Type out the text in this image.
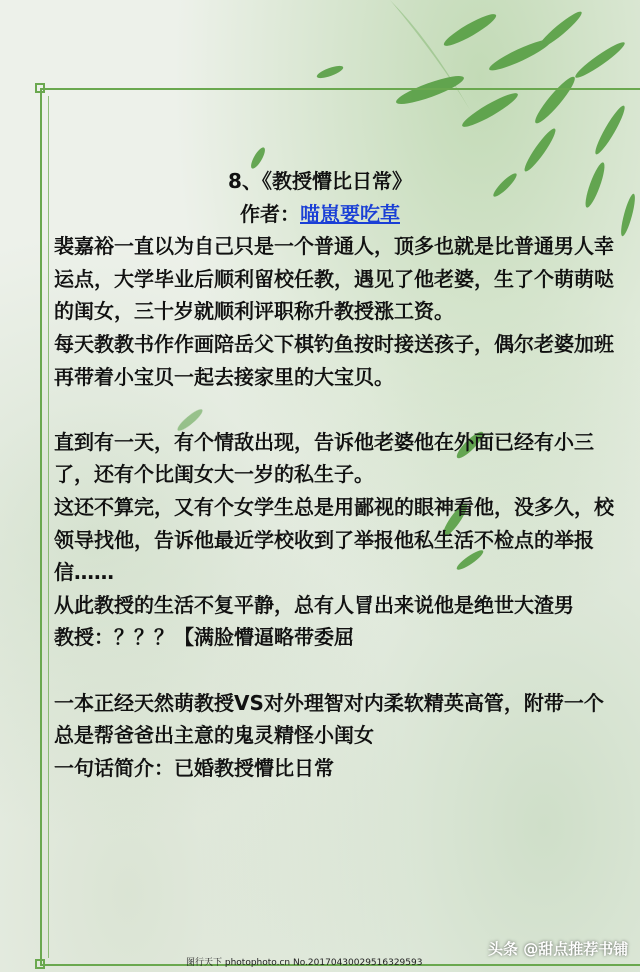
8、《教授懵比日常》
作者：喵崽要吃草

裴嘉裕一直以为自己只是一个普通人，顶多也就是比普通男人幸运点，大学毕业后顺利留校任教，遇见了他老婆，生了个萌萌哒的闺女，三十岁就顺利评职称升教授涨工资。

每天教教书作作画陪岳父下棋钓鱼按时接送孩子，偶尔老婆加班再带着小宝贝一起去接家里的大宝贝。

直到有一天，有个情敌出现，告诉他老婆他在外面已经有小三了，还有个比闺女大一岁的私生子。

这还不算完，又有个女学生总是用鄙视的眼神看他，没多久，校领导找他，告诉他最近学校收到了举报他私生活不检点的举报信……

从此教授的生活不复平静，总有人冒出来说他是绝世大渣男

教授：？？？【满脸懵逼略带委屈

一本正经天然萌教授VS对外理智对内柔软精英高管，附带一个总是帮爸爸出主意的鬼灵精怪小闺女

一句话简介：已婚教授懵比日常

图行天下 photophoto.cn No.20170430029516329593
头条 @甜点推荐书铺
